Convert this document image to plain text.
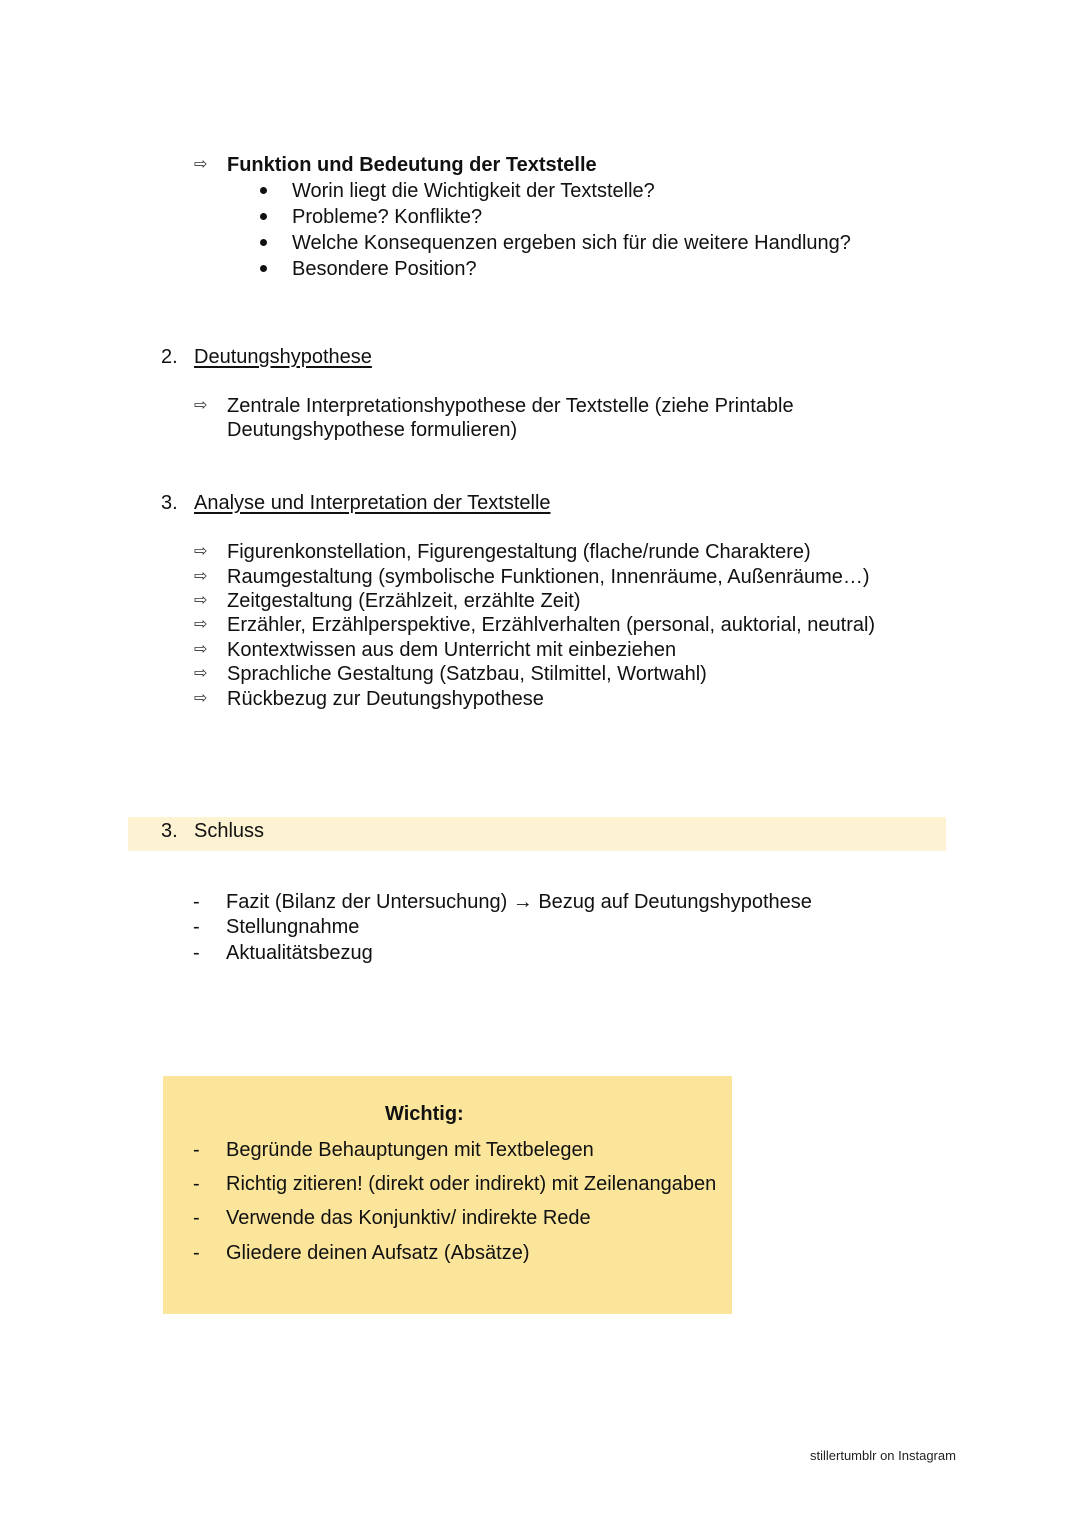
⇨ Funktion und Bedeutung der Textstelle
Worin liegt die Wichtigkeit der Textstelle?
Probleme? Konflikte?
Welche Konsequenzen ergeben sich für die weitere Handlung?
Besondere Position?
2. Deutungshypothese
⇨ Zentrale Interpretationshypothese der Textstelle (ziehe Printable
Deutungshypothese formulieren)
3. Analyse und Interpretation der Textstelle
⇨ Figurenkonstellation, Figurengestaltung (flache/runde Charaktere)
⇨ Raumgestaltung (symbolische Funktionen, Innenräume, Außenräume…)
⇨ Zeitgestaltung (Erzählzeit, erzählte Zeit)
⇨ Erzähler, Erzählperspektive, Erzählverhalten (personal, auktorial, neutral)
⇨ Kontextwissen aus dem Unterricht mit einbeziehen
⇨ Sprachliche Gestaltung (Satzbau, Stilmittel, Wortwahl)
⇨ Rückbezug zur Deutungshypothese
3. Schluss
- Fazit (Bilanz der Untersuchung) → Bezug auf Deutungshypothese
- Stellungnahme
- Aktualitätsbezug
Wichtig:
- Begründe Behauptungen mit Textbelegen
- Richtig zitieren! (direkt oder indirekt) mit Zeilenangaben
- Verwende das Konjunktiv/ indirekte Rede
- Gliedere deinen Aufsatz (Absätze)
stillertumblr on Instagram
